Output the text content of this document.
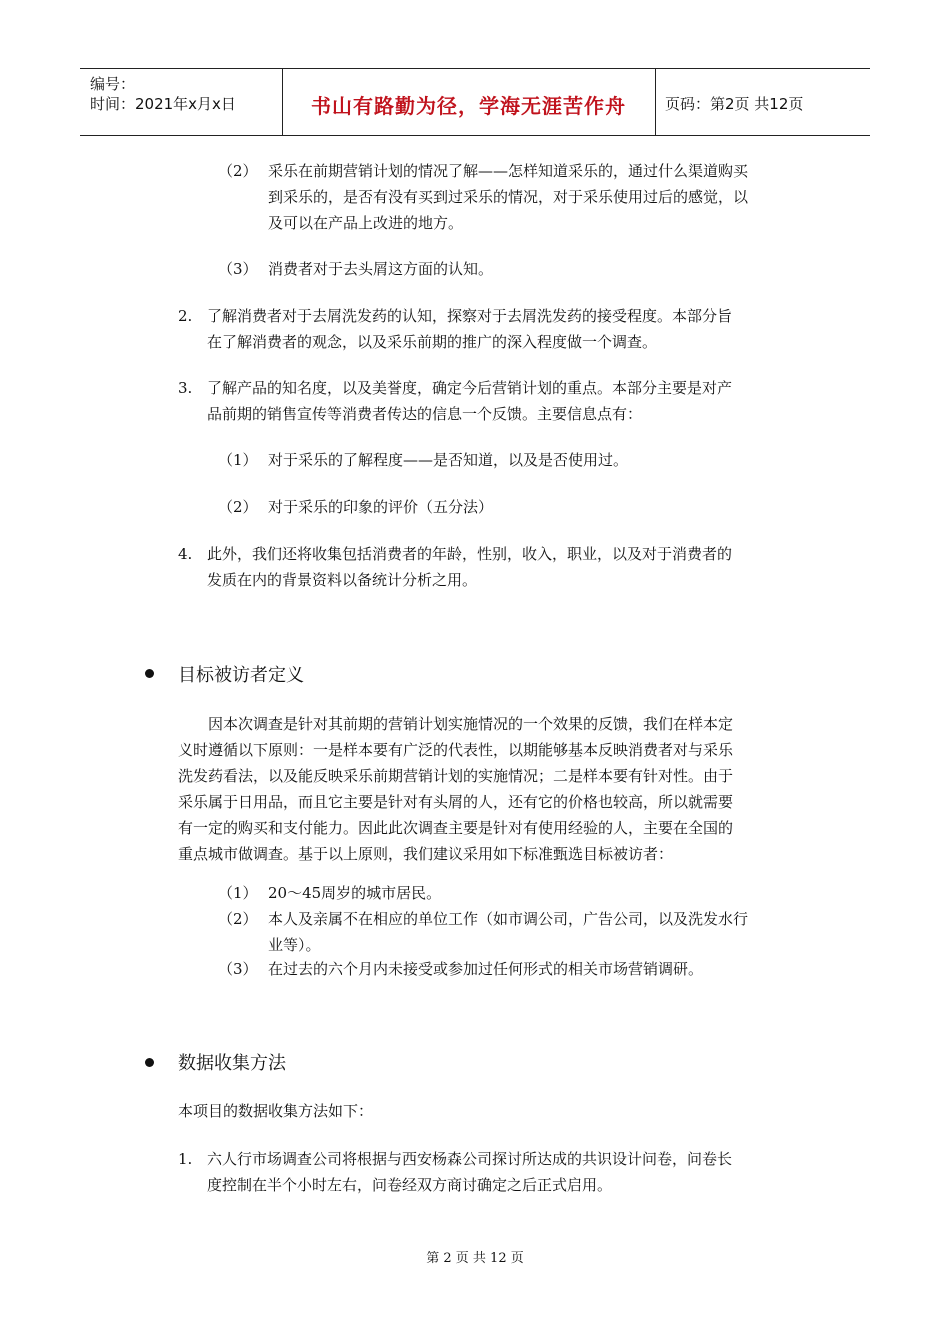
编号：
时间：2021年x月x日	书山有路勤为径，学海无涯苦作舟	页码：第2页 共12页
（2） 采乐在前期营销计划的情况了解——怎样知道采乐的，通过什么渠道购买
到采乐的，是否有没有买到过采乐的情况，对于采乐使用过后的感觉，以
及可以在产品上改进的地方。
（3） 消费者对于去头屑这方面的认知。
2. 了解消费者对于去屑洗发药的认知，探察对于去屑洗发药的接受程度。本部分旨
在了解消费者的观念，以及采乐前期的推广的深入程度做一个调查。
3. 了解产品的知名度，以及美誉度，确定今后营销计划的重点。本部分主要是对产
品前期的销售宣传等消费者传达的信息一个反馈。主要信息点有：
（1） 对于采乐的了解程度——是否知道，以及是否使用过。
（2） 对于采乐的印象的评价（五分法）
4. 此外，我们还将收集包括消费者的年龄，性别，收入，职业，以及对于消费者的
发质在内的背景资料以备统计分析之用。
目标被访者定义
因本次调查是针对其前期的营销计划实施情况的一个效果的反馈，我们在样本定
义时遵循以下原则：一是样本要有广泛的代表性，以期能够基本反映消费者对与采乐
洗发药看法，以及能反映采乐前期营销计划的实施情况；二是样本要有针对性。由于
采乐属于日用品，而且它主要是针对有头屑的人，还有它的价格也较高，所以就需要
有一定的购买和支付能力。因此此次调查主要是针对有使用经验的人，主要在全国的
重点城市做调查。基于以上原则，我们建议采用如下标准甄选目标被访者：
（1） 20～45周岁的城市居民。
（2） 本人及亲属不在相应的单位工作（如市调公司，广告公司，以及洗发水行
业等）。
（3） 在过去的六个月内未接受或参加过任何形式的相关市场营销调研。
数据收集方法
本项目的数据收集方法如下：
1. 六人行市场调查公司将根据与西安杨森公司探讨所达成的共识设计问卷，问卷长
度控制在半个小时左右，问卷经双方商讨确定之后正式启用。
第 2 页 共 12 页
